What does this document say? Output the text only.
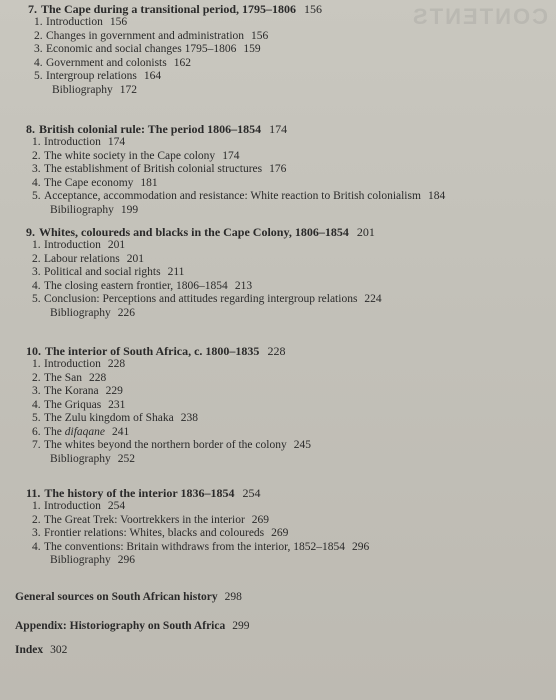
CONTENTS
7. The Cape during a transitional period, 1795–1806 156
1. Introduction 156
2. Changes in government and administration 156
3. Economic and social changes 1795–1806 159
4. Government and colonists 162
5. Intergroup relations 164
Bibliography 172
8. British colonial rule: The period 1806–1854 174
1. Introduction 174
2. The white society in the Cape colony 174
3. The establishment of British colonial structures 176
4. The Cape economy 181
5. Acceptance, accommodation and resistance: White reaction to British colonialism 184
Bibiliography 199
9. Whites, coloureds and blacks in the Cape Colony, 1806–1854 201
1. Introduction 201
2. Labour relations 201
3. Political and social rights 211
4. The closing eastern frontier, 1806–1854 213
5. Conclusion: Perceptions and attitudes regarding intergroup relations 224
Bibliography 226
10. The interior of South Africa, c. 1800–1835 228
1. Introduction 228
2. The San 228
3. The Korana 229
4. The Griquas 231
5. The Zulu kingdom of Shaka 238
6. The difaqane 241
7. The whites beyond the northern border of the colony 245
Bibliography 252
11. The history of the interior 1836–1854 254
1. Introduction 254
2. The Great Trek: Voortrekkers in the interior 269
3. Frontier relations: Whites, blacks and coloureds 269
4. The conventions: Britain withdraws from the interior, 1852–1854 296
Bibliography 296
General sources on South African history 298
Appendix: Historiography on South Africa 299
Index 302
